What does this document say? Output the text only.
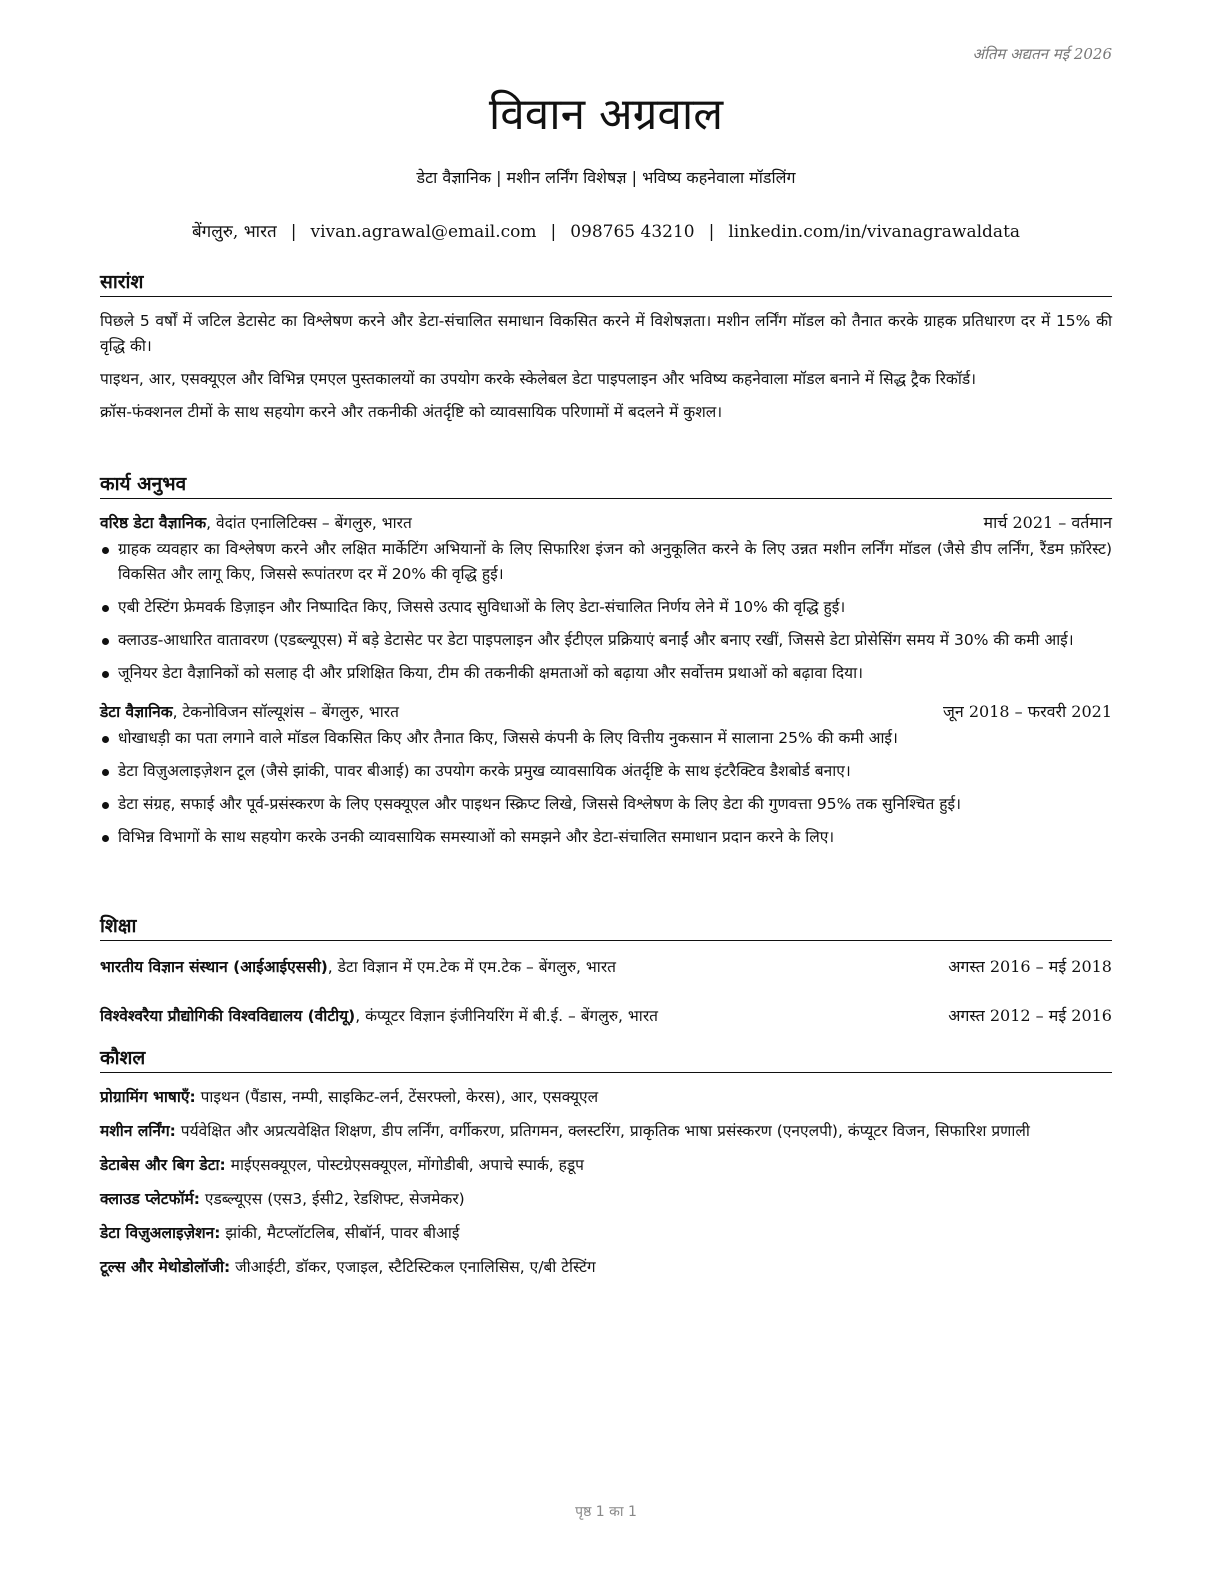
अंतिम अद्यतन मई 2026
विवान अग्रवाल
डेटा वैज्ञानिक | मशीन लर्निंग विशेषज्ञ | भविष्य कहनेवाला मॉडलिंग
बेंगलुरु, भारत | vivan.agrawal@email.com | 098765 43210 | linkedin.com/in/vivanagrawaldata
सारांश

पिछले 5 वर्षों में जटिल डेटासेट का विश्लेषण करने और डेटा-संचालित समाधान विकसित करने में विशेषज्ञता। मशीन लर्निंग मॉडल को तैनात करके ग्राहक प्रतिधारण दर में 15% की वृद्धि की।

पाइथन, आर, एसक्यूएल और विभिन्न एमएल पुस्तकालयों का उपयोग करके स्केलेबल डेटा पाइपलाइन और भविष्य कहनेवाला मॉडल बनाने में सिद्ध ट्रैक रिकॉर्ड।

क्रॉस-फंक्शनल टीमों के साथ सहयोग करने और तकनीकी अंतर्दृष्टि को व्यावसायिक परिणामों में बदलने में कुशल।

कार्य अनुभव
वरिष्ठ डेटा वैज्ञानिक, वेदांत एनालिटिक्स – बेंगलुरु, भारत	मार्च 2021 – वर्तमान
ग्राहक व्यवहार का विश्लेषण करने और लक्षित मार्केटिंग अभियानों के लिए सिफारिश इंजन को अनुकूलित करने के लिए उन्नत मशीन लर्निंग मॉडल (जैसे डीप लर्निंग, रैंडम फ़ॉरेस्ट) विकसित और लागू किए, जिससे रूपांतरण दर में 20% की वृद्धि हुई।
एबी टेस्टिंग फ्रेमवर्क डिज़ाइन और निष्पादित किए, जिससे उत्पाद सुविधाओं के लिए डेटा-संचालित निर्णय लेने में 10% की वृद्धि हुई।
क्लाउड-आधारित वातावरण (एडब्ल्यूएस) में बड़े डेटासेट पर डेटा पाइपलाइन और ईटीएल प्रक्रियाएं बनाईं और बनाए रखीं, जिससे डेटा प्रोसेसिंग समय में 30% की कमी आई।
जूनियर डेटा वैज्ञानिकों को सलाह दी और प्रशिक्षित किया, टीम की तकनीकी क्षमताओं को बढ़ाया और सर्वोत्तम प्रथाओं को बढ़ावा दिया।
डेटा वैज्ञानिक, टेकनोविजन सॉल्यूशंस – बेंगलुरु, भारत	जून 2018 – फरवरी 2021
धोखाधड़ी का पता लगाने वाले मॉडल विकसित किए और तैनात किए, जिससे कंपनी के लिए वित्तीय नुकसान में सालाना 25% की कमी आई।
डेटा विज़ुअलाइज़ेशन टूल (जैसे झांकी, पावर बीआई) का उपयोग करके प्रमुख व्यावसायिक अंतर्दृष्टि के साथ इंटरैक्टिव डैशबोर्ड बनाए।
डेटा संग्रह, सफाई और पूर्व-प्रसंस्करण के लिए एसक्यूएल और पाइथन स्क्रिप्ट लिखे, जिससे विश्लेषण के लिए डेटा की गुणवत्ता 95% तक सुनिश्चित हुई।
विभिन्न विभागों के साथ सहयोग करके उनकी व्यावसायिक समस्याओं को समझने और डेटा-संचालित समाधान प्रदान करने के लिए।
शिक्षा
भारतीय विज्ञान संस्थान (आईआईएससी), डेटा विज्ञान में एम.टेक में एम.टेक – बेंगलुरु, भारत	अगस्त 2016 – मई 2018
विश्वेश्वरैया प्रौद्योगिकी विश्वविद्यालय (वीटीयू), कंप्यूटर विज्ञान इंजीनियरिंग में बी.ई. – बेंगलुरु, भारत	अगस्त 2012 – मई 2016
कौशल

प्रोग्रामिंग भाषाएँ: पाइथन (पैंडास, नम्पी, साइकिट-लर्न, टेंसरफ्लो, केरस), आर, एसक्यूएल

मशीन लर्निंग: पर्यवेक्षित और अप्रत्यवेक्षित शिक्षण, डीप लर्निंग, वर्गीकरण, प्रतिगमन, क्लस्टरिंग, प्राकृतिक भाषा प्रसंस्करण (एनएलपी), कंप्यूटर विजन, सिफारिश प्रणाली

डेटाबेस और बिग डेटा: माईएसक्यूएल, पोस्टग्रेएसक्यूएल, मोंगोडीबी, अपाचे स्पार्क, हडूप

क्लाउड प्लेटफॉर्म: एडब्ल्यूएस (एस3, ईसी2, रेडशिफ्ट, सेजमेकर)

डेटा विज़ुअलाइज़ेशन: झांकी, मैटप्लॉटलिब, सीबॉर्न, पावर बीआई

टूल्स और मेथोडोलॉजी: जीआईटी, डॉकर, एजाइल, स्टैटिस्टिकल एनालिसिस, ए/बी टेस्टिंग

पृष्ठ 1 का 1
